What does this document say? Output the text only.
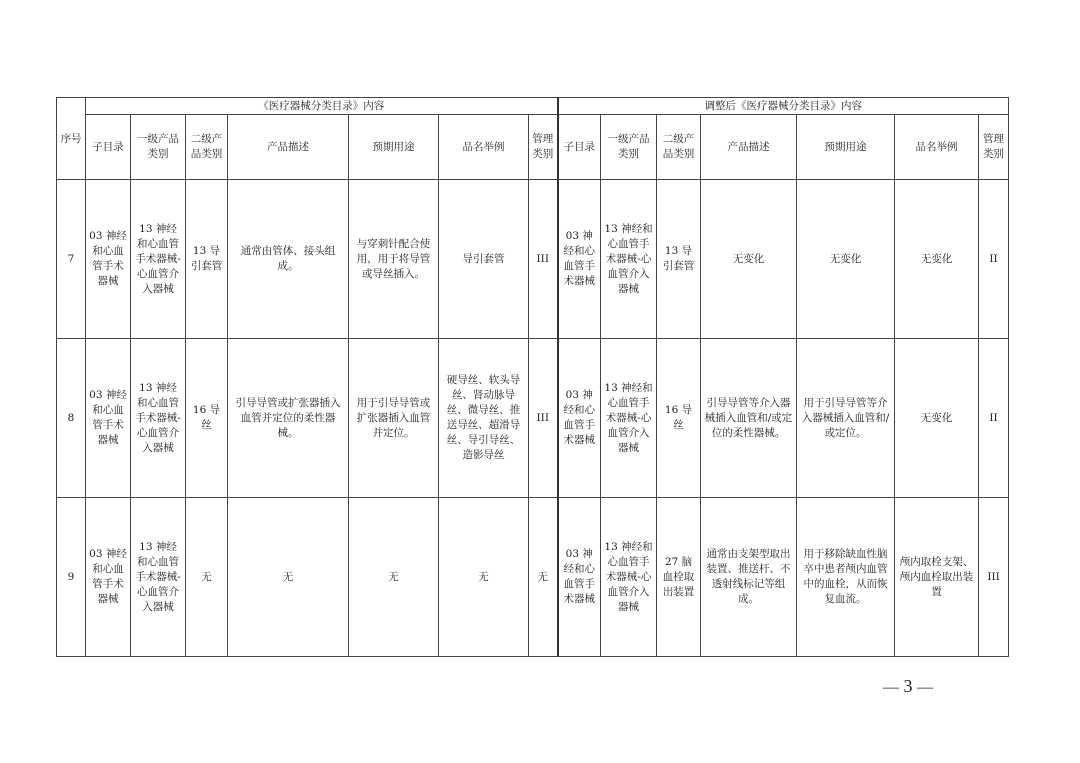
序号	《医疗器械分类目录》内容							调整后《医疗器械分类目录》内容						
	子目录	一级产品类别	二级产品类别	产品描述	预期用途	品名举例	管理类别	子目录	一级产品类别	二级产品类别	产品描述	预期用途	品名举例	管理类别
7	03 神经和心血管手术器械	13 神经和心血管手术器械-心血管介入器械	13 导引套管	通常由管体、接头组成。	与穿刺针配合使用，用于将导管或导丝插入。	导引套管	III	03 神经和心血管手术器械	13 神经和心血管手术器械-心血管介入器械	13 导引套管	无变化	无变化	无变化	II
8	03 神经和心血管手术器械	13 神经和心血管手术器械-心血管介入器械	16 导丝	引导导管或扩张器插入血管并定位的柔性器械。	用于引导导管或扩张器插入血管并定位。	硬导丝、软头导丝、肾动脉导丝、微导丝、推送导丝、超滑导丝、导引导丝、造影导丝	III	03 神经和心血管手术器械	13 神经和心血管手术器械-心血管介入器械	16 导丝	引导导管等介入器械插入血管和/或定位的柔性器械。	用于引导导管等介入器械插入血管和/或定位。	无变化	II
9	03 神经和心血管手术器械	13 神经和心血管手术器械-心血管介入器械	无	无	无	无	无	03 神经和心血管手术器械	13 神经和心血管手术器械-心血管介入器械	27 脑血栓取出装置	通常由支架型取出装置、推送杆、不透射线标记等组成。	用于移除缺血性脑卒中患者颅内血管中的血栓，从而恢复血流。	颅内取栓支架、颅内血栓取出装置	III
— 3 —
